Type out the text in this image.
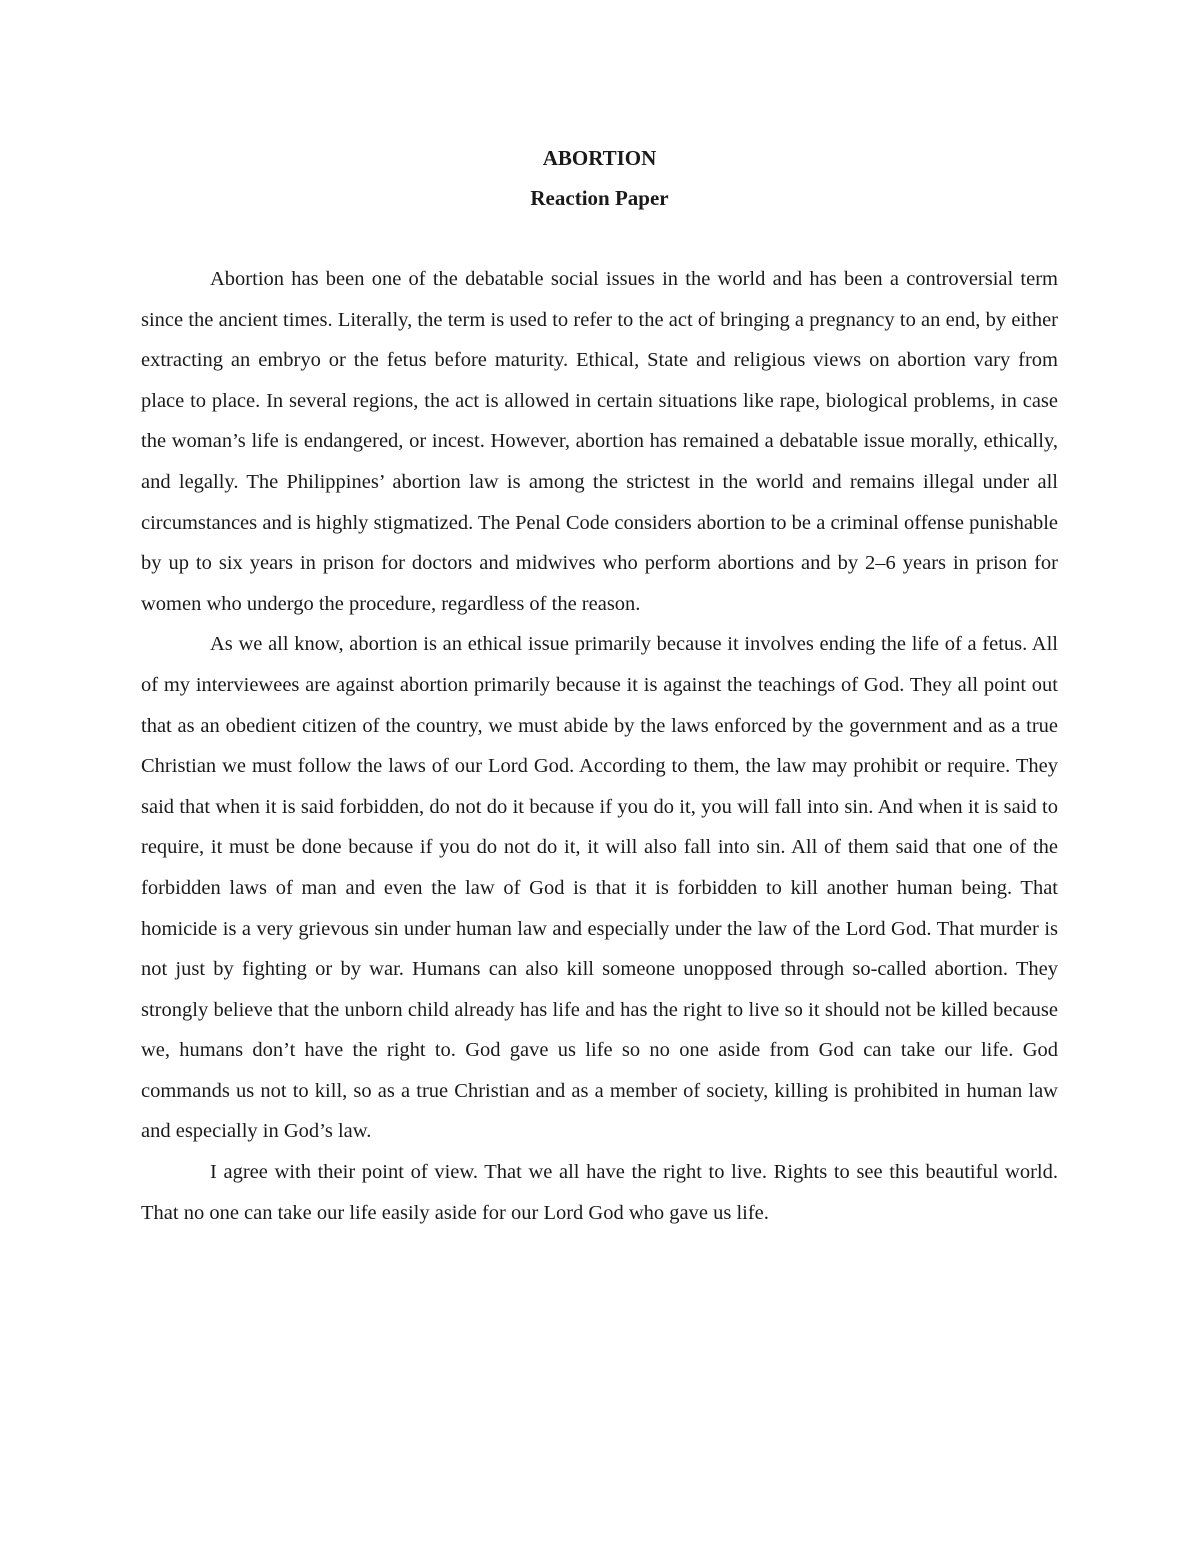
ABORTION
Reaction Paper

Abortion has been one of the debatable social issues in the world and has been a controversial term since the ancient times. Literally, the term is used to refer to the act of bringing a pregnancy to an end, by either extracting an embryo or the fetus before maturity. Ethical, State and religious views on abortion vary from place to place. In several regions, the act is allowed in certain situations like rape, biological problems, in case the woman’s life is endangered, or incest. However, abortion has remained a debatable issue morally, ethically, and legally. The Philippines’ abortion law is among the strictest in the world and remains illegal under all circumstances and is highly stigmatized. The Penal Code considers abortion to be a criminal offense punishable by up to six years in prison for doctors and midwives who perform abortions and by 2–6 years in prison for women who undergo the procedure, regardless of the reason.

As we all know, abortion is an ethical issue primarily because it involves ending the life of a fetus. All of my interviewees are against abortion primarily because it is against the teachings of God. They all point out that as an obedient citizen of the country, we must abide by the laws enforced by the government and as a true Christian we must follow the laws of our Lord God. According to them, the law may prohibit or require. They said that when it is said forbidden, do not do it because if you do it, you will fall into sin. And when it is said to require, it must be done because if you do not do it, it will also fall into sin. All of them said that one of the forbidden laws of man and even the law of God is that it is forbidden to kill another human being. That homicide is a very grievous sin under human law and especially under the law of the Lord God. That murder is not just by fighting or by war. Humans can also kill someone unopposed through so-called abortion. They strongly believe that the unborn child already has life and has the right to live so it should not be killed because we, humans don’t have the right to. God gave us life so no one aside from God can take our life. God commands us not to kill, so as a true Christian and as a member of society, killing is prohibited in human law and especially in God’s law.

I agree with their point of view. That we all have the right to live. Rights to see this beautiful world. That no one can take our life easily aside for our Lord God who gave us life.
